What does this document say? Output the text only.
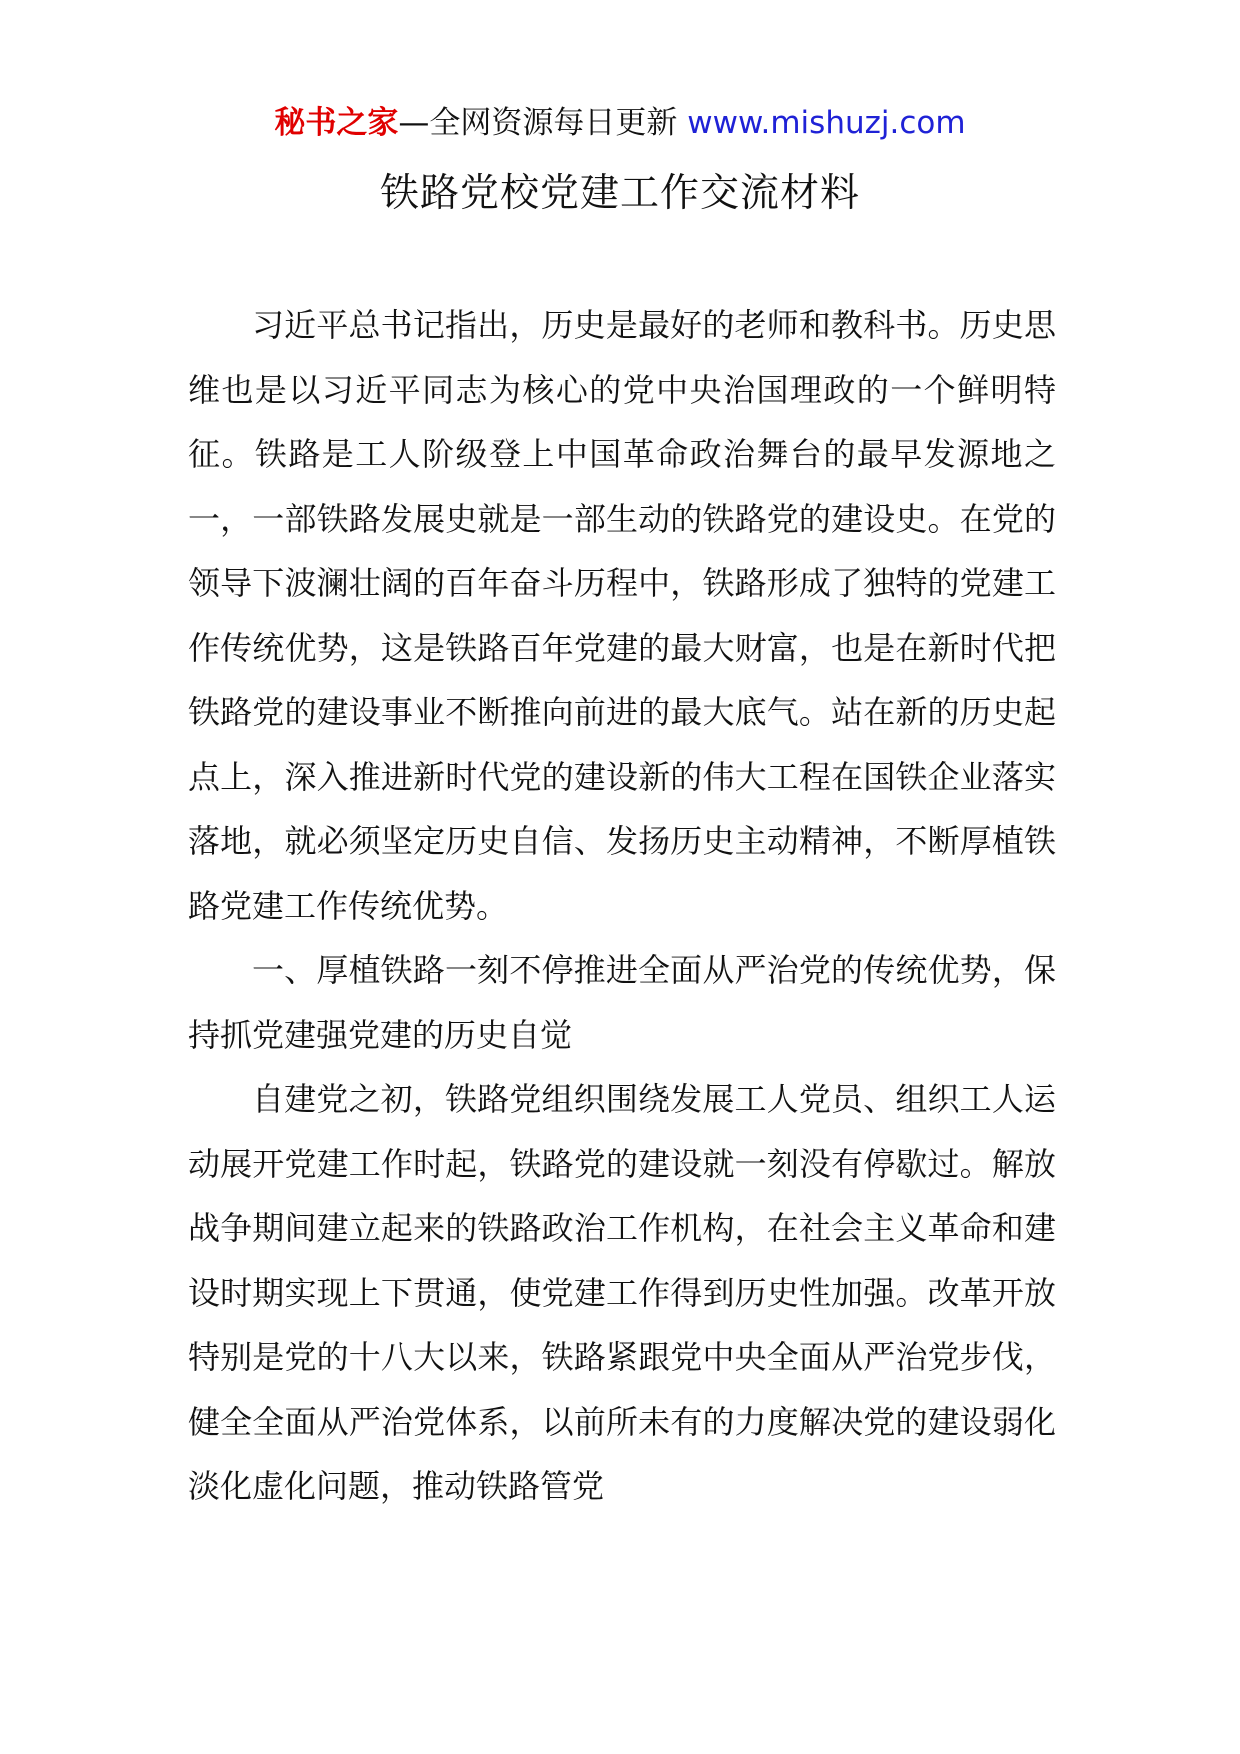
秘书之家—全网资源每日更新 www.mishuzj.com
铁路党校党建工作交流材料

习近平总书记指出，历史是最好的老师和教科书。历史思维也是以习近平同志为核心的党中央治国理政的一个鲜明特征。铁路是工人阶级登上中国革命政治舞台的最早发源地之一，一部铁路发展史就是一部生动的铁路党的建设史。在党的领导下波澜壮阔的百年奋斗历程中，铁路形成了独特的党建工作传统优势，这是铁路百年党建的最大财富，也是在新时代把铁路党的建设事业不断推向前进的最大底气。站在新的历史起点上，深入推进新时代党的建设新的伟大工程在国铁企业落实落地，就必须坚定历史自信、发扬历史主动精神，不断厚植铁路党建工作传统优势。

一、厚植铁路一刻不停推进全面从严治党的传统优势，保持抓党建强党建的历史自觉

自建党之初，铁路党组织围绕发展工人党员、组织工人运动展开党建工作时起，铁路党的建设就一刻没有停歇过。解放战争期间建立起来的铁路政治工作机构，在社会主义革命和建设时期实现上下贯通，使党建工作得到历史性加强。改革开放特别是党的十八大以来，铁路紧跟党中央全面从严治党步伐，健全全面从严治党体系，以前所未有的力度解决党的建设弱化淡化虚化问题，推动铁路管党
